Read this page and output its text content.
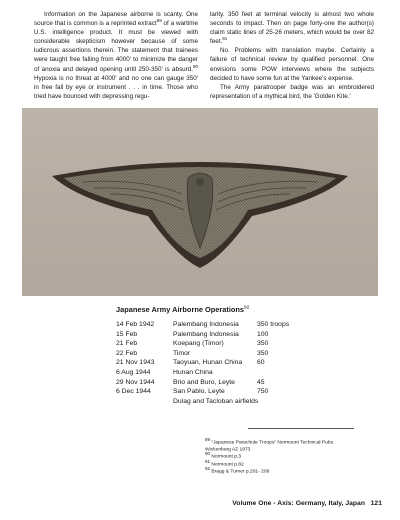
Information on the Japanese airborne is scanty. One source that is common is a reprinted extract$^{89}$ of a wartime U.S. intelligence product. It must be viewed with considerable skepticism however because of some ludicrous assertions therein. The statement that trainees were taught free falling from 4000' to minimize the danger of anoxia and delayed opening until 250-350' is absurd.$^{90}$ Hypoxia is no threat at 4000' and no one can gauge 350' in free fall by eye or instrument . . . in time. Those who tried have bounced with depressing regu-

larity. 350 feet at terminal velocity is almost two whole seconds to impact. Then on page forty-one the author(s) claim static lines of 25-26 meters, which would be over 82 feet.$^{91}$

No. Problems with translation maybe. Certainly a failure of technical review by qualified personnel. One envisions some POW interviews where the subjects decided to have some fun at the Yankee's expense.

The Army paratrooper badge was an embroidered representation of a mythical bird, the 'Golden Kite.'

Japanese Army Airborne Operations$^{92}$
14 Feb 1942	Palembang Indonesia	350 troops
15 Feb	Palembang Indonesia	100
21 Feb	Koepang (Timor)	350
22 Feb	Timor	350
21 Nov 1943	Taoyuan, Hunan China	60
6 Aug 1944	Hunan China	
29 Nov 1944	Brio and Buro, Leyte	45
6 Dec 1944	San Pablo, Leyte	750
	Dulag and Tacloban airfields	
89 "Japanese Parachute Troops" Normount Technical Pubs.
Wickenburg AZ 1973
90 Normount p.3
91 Normount p.82
92 Bragg & Turner p.201- 208
Volume One - Axis: Germany, Italy, Japan 121
